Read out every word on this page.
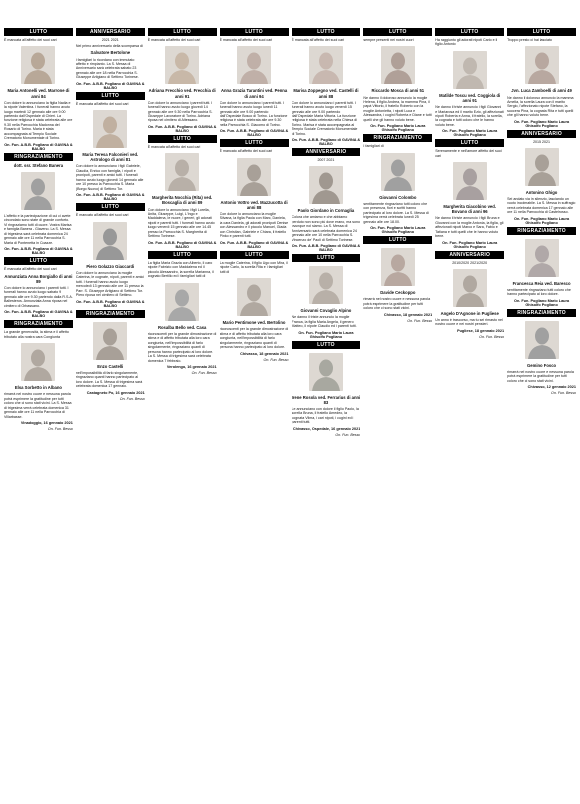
LUTTO
È mancata all'affetto dei suoi cari
Maria Antonelli ved. Marrone di anni 84
Con dolore lo annunciano la figlia Nadia e la nipote Valentina. I funerali hanno avuto luogo martedì 12 gennaio alle ore 9.00 partendo dall'Ospedale di Chieri. La funzione religiosa è stata celebrata alle ore 9.30 nella Parrocchia Madonna del Rosario di Torino. Maria è stata accompagnata al Tempio Sociale Crematorio Monumentale di Torino.
On. Fun. A.B.B. Pogliano di GAVINA & BALBO
RINGRAZIAMENTO
dott. ssr. Stefano Banera
L'affetto e la partecipazione di cui ci avete circondato sono state di grande conforto. Vi ringraziamo tutti di cuore. Vostra Marisa e famiglia Banera - Giaveno. La S. Messa di trigesima sarà celebrata domenica 24 gennaio alle ore 11 nella Parrocchia S. Maria di Pontenetta in Coazze.
On. Fun. A.B.B. Pogliano di GAVINA & BALBO
LUTTO
È mancata all'affetto dei suoi cari
Annunziata Anna Borgiallo di anni 89
Con dolore lo annunciano i parenti tutti. I funerali hanno avuto luogo sabato 9 gennaio alle ore 9.30 partendo dalla R.S.A. Ballesteros. Annunziata Anna riposa nel cimitero di Orbassano.
On. Fun. A.B.B. Pogliano di GAVINA & BALBO
RINGRAZIAMENTO
La grande generosità, la stima e il affetto tributato alla nostra cara Congiunta
Elsa Sorbetto in Albano
rimarrà nel nostro cuore e nessuna parola potrà esprimere la gratitudine per tutti coloro che ci sono stati vicini. La S. Messa di trigesima verrà celebrata domenica 31 gennaio alle ore 11 nella Parrocchia di Villarbasse.
Vinadoggio, 16 gennaio 2021
On. Fun. Besso
ANNIVERSARIO
2021 2021
Nel primo anniversario della scomparsa di
Salvatore Bertolone
i famigliari lo ricordano con immutato affetto e rimpianto. La S. Messa di Anniversario sarà celebrata sabato 23 gennaio alle ore 18 nella Parrocchia S. Giuseppe Artigiano di Settimo Torinese.
On. Fun. A.B.B. Pogliano di GAVINA & BALBO
LUTTO
È mancata all'affetto dei suoi cari
Maria Teresa Falconieri ved. Astrologo di anni 81
Con dolore lo annunciano i figli Gabriele, Claudia, Enrico con famiglia, i nipoti e pronipoti, parenti e amici tutti. I funerali hanno avuto luogo giovedì 14 gennaio alle ore 10 presso la Parrocchia S. Maria (Borgo Nuovo) di Settimo Tor.
On. Fun. A.B.B. Pogliano di GAVINA & BALBO
LUTTO
È mancato all'affetto dei suoi cari
Piero Golazzo Giaccardi
Con dolore lo annunciano la moglie Caterina, le cognate, nipoti, parenti e amici tutti. I funerali hanno avuto luogo mercoledì 13 gennaio alle ore 11 presso la Parr. S. Giuseppe Artigiano di Settimo Tor. Piero riposa nel cimitero di Settimo.
On. Fun. A.B.B. Pogliano di GAVINA & BALBO
RINGRAZIAMENTO
Enzo Castelli
nell'impossibilità di farlo singolarmente, ringraziano quanti hanno partecipato al loro dolore. La S. Messa di trigesima sarà celebrata domenica 17 gennaio.
Castagneto Po, 16 gennaio 2021
On. Fun. Besso
LUTTO
È mancata all'affetto dei suoi cari
Adriana Frecchio ved. Frecchia di anni 91
Con dolore lo annunciano i parenti tutti. I funerali hanno avuto luogo giovedì 14 gennaio alle ore 9.30 nella Parrocchia S. Giuseppe Lavoratore di Torino. Adriana riposa nel cimitero di Altessano.
On. Fun. A.B.B. Pogliano di GAVINA & BALBO
LUTTO
È mancata all'affetto dei suoi cari
Margherita Nocchia (Rita) ved. Boscaglia di anni 89
Con dolore lo annunciano i figli Lorella, Anita, Giuseppe, Luigi, L'Ingo e Maddalena, le nuore, i generi, gli adorati nipoti e parenti tutti. I funerali hanno avuto luogo venerdì 15 gennaio alle ore 14.45 presso la Parrocchia S. Margherita di Settimo Torinese.
On. Fun. A.B.B. Pogliano di GAVINA & BALBO
LUTTO
La figlia Maria Grazia con Alberto, il caro nipote Fabrizio con Maddalena ed il piccolo Alessandro, la sorella Marianna, il cognato Bertillo ed i famigliari tutti di
Rosalba Bello ved. Casa
riconoscenti per la grande dimostrazione di stima e di affetto tributata alla loro cara congiunta, nell'impossibilità di farlo singolarmente, ringraziano quanti di persona hanno partecipato al loro dolore. La S. Messa di trigesima sarà celebrata domenica 7 febbraio.
Verolengo, 16 gennaio 2021
On. Fun. Besso
LUTTO
È mancata all'affetto dei suoi cari
Anna Grazia Tarantini ved. Penna di anni 94
Con dolore lo annunciano i parenti tutti. I funerali hanno avuto luogo lunedì 11 gennaio alle ore 9.00 partendo dall'Ospedale Bosco di Torino. La funzione religiosa è stata celebrata alle ore 9.30 nella Parrocchia S. Giacomo di Torino.
On. Fun. A.B.B. Pogliano di GAVINA & BALBO
LUTTO
È mancato all'affetto dei suoi cari
Antonio Vottro ved. Mazzucotta di anni 88
Con dolore lo annunciano la moglie Silvana, la figlia Paola con Marc, Daniela, la cara Daniela, gli adorati pronipoti Denise con Alessandro e il piccolo Manuel, Giada con Christian, Gabriele e Chiara, il fratello Pinko e parenti tutti.
On. Fun. A.B.B. Pogliano di GAVINA & BALBO
LUTTO
La moglie Caterina, il figlio Ugo con Mira, il nipote Carlo, la sorella Rita e i famigliari tutti di
Mario Pentimone ved. Bertolino
riconoscenti per la grande dimostrazione di stima e di affetto tributata alla loro cara congiunta, nell'impossibilità di farlo singolarmente, ringraziano quanti di persona hanno partecipato al loro dolore.
Chivasso, 18 gennaio 2021
On. Fun. Besso
LUTTO
È mancata all'affetto dei suoi cari
Marisa Zoppegno ved. Castelli di anni 88
Con dolore lo annunciano i parenti tutti. I funerali hanno avuto luogo venerdì 15 gennaio alle ore 9.00 partendo dall'Ospedale Maria Vittoria. La funzione religiosa è stata celebrata nella Chiesa di Torino. Marisa è stata accompagnata al Tempio Sociale Crematorio Monumentale di Torino.
On. Fun. A.B.B. Pogliano di GAVINA & BALBO
ANNIVERSARIO
2007 2021
Paolo Giordano in Cornaglia
Colora che amiamo e che abbiamo perduto non sono più dove erano, ma sono ovunque noi siamo. La S. Messa di Anniversario sarà celebrata domenica 24 gennaio alle ore 10 nella Parrocchia S. Vincenzo de' Paoli di Settimo Torinese.
On. Fun. A.B.B. Pogliano di GAVINA & BALBO
LUTTO
Giovanni Covaglio Alpino
Ne danno il triste annuncio la moglie Franca, la figlia Maria Angela, il genero Matteo, il nipote Claudio ed i parenti tutti.
On. Fun. Pogliano Mario Laura Ghisolfo Pogliano
LUTTO
Irene Rosola ved. Ferrarius di anni 83
Le annunciano con dolore il figlio Paolo, la sorella Bruna, il fratello Amedeo, la cognata Vilma, i cari nipoti, i cugini ed i parenti tutti.
Chivasso, Ospedale, 16 gennaio 2021
On. Fun. Besso
LUTTO
sempre presenti nei nostri cuori
Riccardo Mosca di anni 51
Ne danno il doloroso annuncio la moglie Helena, il figlio Andrea, la mamma Pina, il papà Vittorio, il fratello Roberto con la moglie Antonietta, i nipoti Luca e Alessandra, i cugini Roberta e Diane e tutti quelli che gli hanno voluto bene.
On. Fun. Pogliano Mario Laura Ghisolfo Pogliano
RINGRAZIAMENTO
I famigliari di
Giovanni Colombo
sentitamente ringraziano tutti coloro che con presenza, fiori e scritti hanno partecipato al loro dolore. La S. Messa di trigesima verrà celebrata lunedì 25 gennaio alle ore 18.00.
On. Fun. Pogliano Mario Laura Ghisolfo Pogliano
LUTTO
Davide Ceckoppo
rimarrà nel nostro cuore e nessuna parola potrà esprimere la gratitudine per tutti coloro che ci sono stati vicini.
Chivasso, 18 gennaio 2021
On. Fun. Besso
LUTTO
Ha raggiunto gli adorati nipoti Carlo e il figlio Antonio
Matilde Toscu ved. Coggiola di anni 91
Ne danno il triste annuncio i figli Giovanni e Mariarosa ed il marito Ezio, gli affezionati nipoti Roberta e Anna, il fratello, la sorella, la cognata e tutti coloro che le hanno voluto bene.
On. Fun. Pogliano Mario Laura Ghisolfo Pogliano
LUTTO
Serenamente e nell'amore affetto dei suoi cari
Margherita Giacobino ved. Bovano di anni 96
Ne danno il triste annuncio i figli Bruna e Giovanni con la moglie Antonia, la figlia, gli affezionati nipoti Marco e Sara, Fabio e Tatiana e tutti quelli che le hanno voluto bene.
On. Fun. Pogliano Mario Laura Ghisolfo Pogliano
ANNIVERSARIO
2010/2020 2021/2020
Angelo D'Agnone in Pugliese
Un anno è trascorso, ma tu sei rimasto nel nostro cuore e nei nostri pensieri.
Pugliese, 18 gennaio 2021
On. Fun. Besso
LUTTO
Troppo presto ci hai lasciato
Jvn. Luca Zamboelli di anni 49
Ne danno il doloroso annuncio la mamma Amelia, la sorella Laura con il marito Sergio, l'affezionato nipote Stefano, la suocera Pina, la cognata Rita e tutti quelli che gli hanno voluto bene.
On. Fun. Pogliano Mario Laura Ghisolfo Pogliano
ANNIVERSARIO
2015 2021
Antonino Ghigo
Sei andato via in silenzio, lasciando un vuoto incolmabile. La S. Messa in suffragio verrà celebrata domenica 17 gennaio alle ore 11 nella Parrocchia di Castelrosso.
On. Fun. Pogliano Mario Laura Ghisolfo Pogliano
RINGRAZIAMENTO
Francesca Reia ved. Baresco
sentitamente ringraziano tutti coloro che hanno partecipato al loro dolore.
On. Fun. Pogliano Mario Laura Ghisolfo Pogliano
RINGRAZIAMENTO
Gemino Fosco
rimarrà nel nostro cuore e nessuna parola potrà esprimere la gratitudine per tutti coloro che ci sono stati vicini.
Chivasso, 12 gennaio 2021
On. Fun. Besso
